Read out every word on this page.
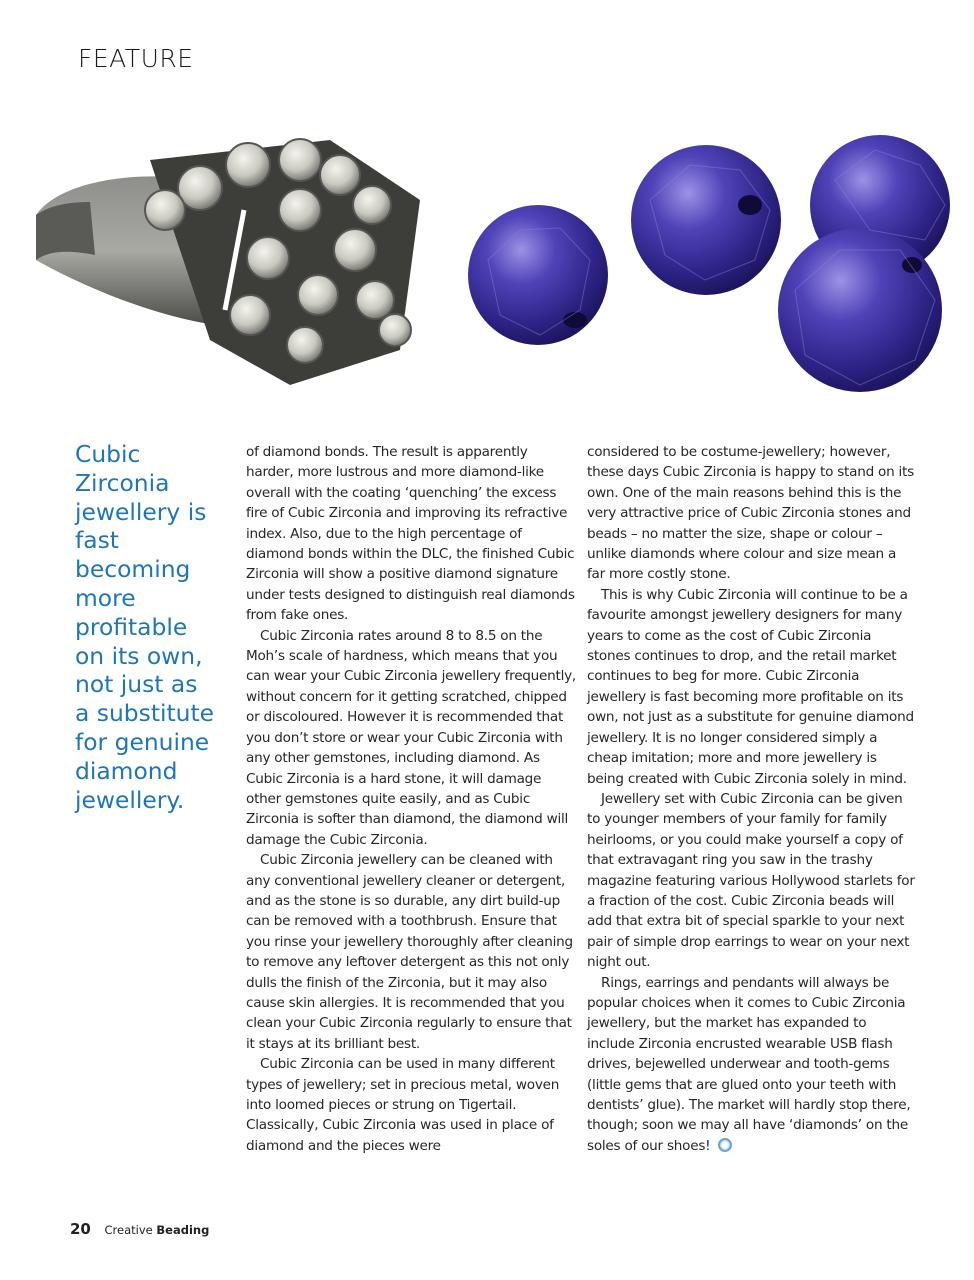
FEATURE

Cubic Zirconia jewellery is fast becoming more profitable on its own, not just as a substitute for genuine diamond jewellery.

of diamond bonds. The result is apparently harder, more lustrous and more diamond-like overall with the coating ‘quenching’ the excess fire of Cubic Zirconia and improving its refractive index. Also, due to the high percentage of diamond bonds within the DLC, the finished Cubic Zirconia will show a positive diamond signature under tests designed to distinguish real diamonds from fake ones.

Cubic Zirconia rates around 8 to 8.5 on the Moh’s scale of hardness, which means that you can wear your Cubic Zirconia jewellery frequently, without concern for it getting scratched, chipped or discoloured. However it is recommended that you don’t store or wear your Cubic Zirconia with any other gemstones, including diamond. As Cubic Zirconia is a hard stone, it will damage other gemstones quite easily, and as Cubic Zirconia is softer than diamond, the diamond will damage the Cubic Zirconia.

Cubic Zirconia jewellery can be cleaned with any conventional jewellery cleaner or detergent, and as the stone is so durable, any dirt build-up can be removed with a toothbrush. Ensure that you rinse your jewellery thoroughly after cleaning to remove any leftover detergent as this not only dulls the finish of the Zirconia, but it may also cause skin allergies. It is recommended that you clean your Cubic Zirconia regularly to ensure that it stays at its brilliant best.

Cubic Zirconia can be used in many different types of jewellery; set in precious metal, woven into loomed pieces or strung on Tigertail. Classically, Cubic Zirconia was used in place of diamond and the pieces were

considered to be costume-jewellery; however, these days Cubic Zirconia is happy to stand on its own. One of the main reasons behind this is the very attractive price of Cubic Zirconia stones and beads – no matter the size, shape or colour – unlike diamonds where colour and size mean a far more costly stone.

This is why Cubic Zirconia will continue to be a favourite amongst jewellery designers for many years to come as the cost of Cubic Zirconia stones continues to drop, and the retail market continues to beg for more. Cubic Zirconia jewellery is fast becoming more profitable on its own, not just as a substitute for genuine diamond jewellery. It is no longer considered simply a cheap imitation; more and more jewellery is being created with Cubic Zirconia solely in mind.

Jewellery set with Cubic Zirconia can be given to younger members of your family for family heirlooms, or you could make yourself a copy of that extravagant ring you saw in the trashy magazine featuring various Hollywood starlets for a fraction of the cost. Cubic Zirconia beads will add that extra bit of special sparkle to your next pair of simple drop earrings to wear on your next night out.

Rings, earrings and pendants will always be popular choices when it comes to Cubic Zirconia jewellery, but the market has expanded to include Zirconia encrusted wearable USB flash drives, bejewelled underwear and tooth-gems (little gems that are glued onto your teeth with dentists’ glue). The market will hardly stop there, though; soon we may all have ‘diamonds’ on the soles of our shoes!

20 Creative Beading
